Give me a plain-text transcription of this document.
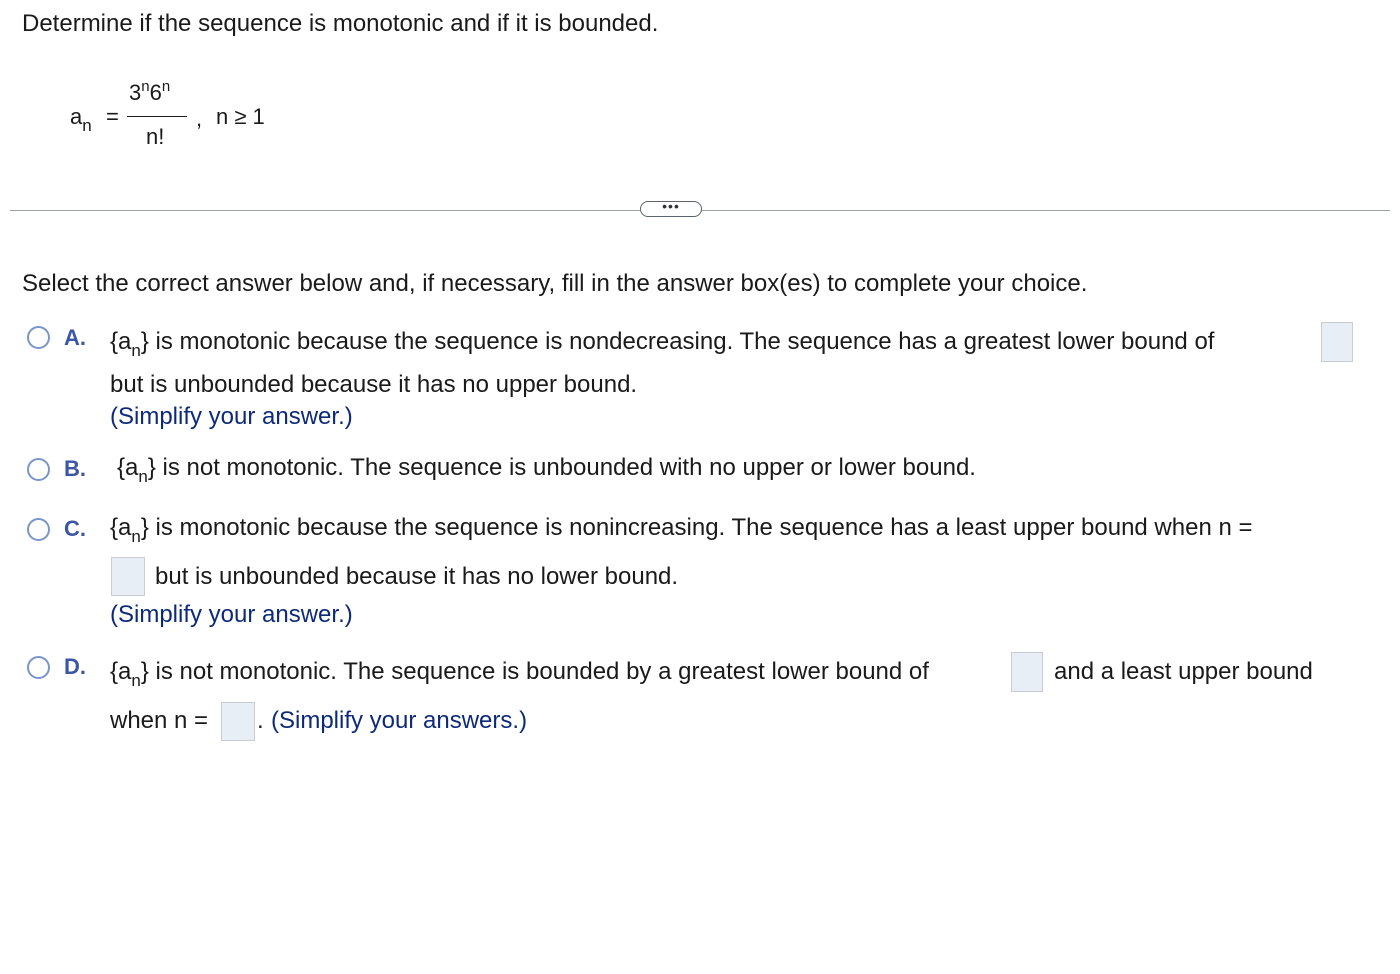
Determine if the sequence is monotonic and if it is bounded.
$a_n$ =
$3^n6^n$
n!
, n ≥ 1
•••
Select the correct answer below and, if necessary, fill in the answer box(es) to complete your choice.
A. $\{a_n\}$ is monotonic because the sequence is nondecreasing. The sequence has a greatest lower bound of
but is unbounded because it has no upper bound.
(Simplify your answer.)
B. $\{a_n\}$ is not monotonic. The sequence is unbounded with no upper or lower bound.
C. $\{a_n\}$ is monotonic because the sequence is nonincreasing. The sequence has a least upper bound when n =
but is unbounded because it has no lower bound.
(Simplify your answer.)
D. $\{a_n\}$ is not monotonic. The sequence is bounded by a greatest lower bound of	and a least upper bound
when n = . (Simplify your answers.)
